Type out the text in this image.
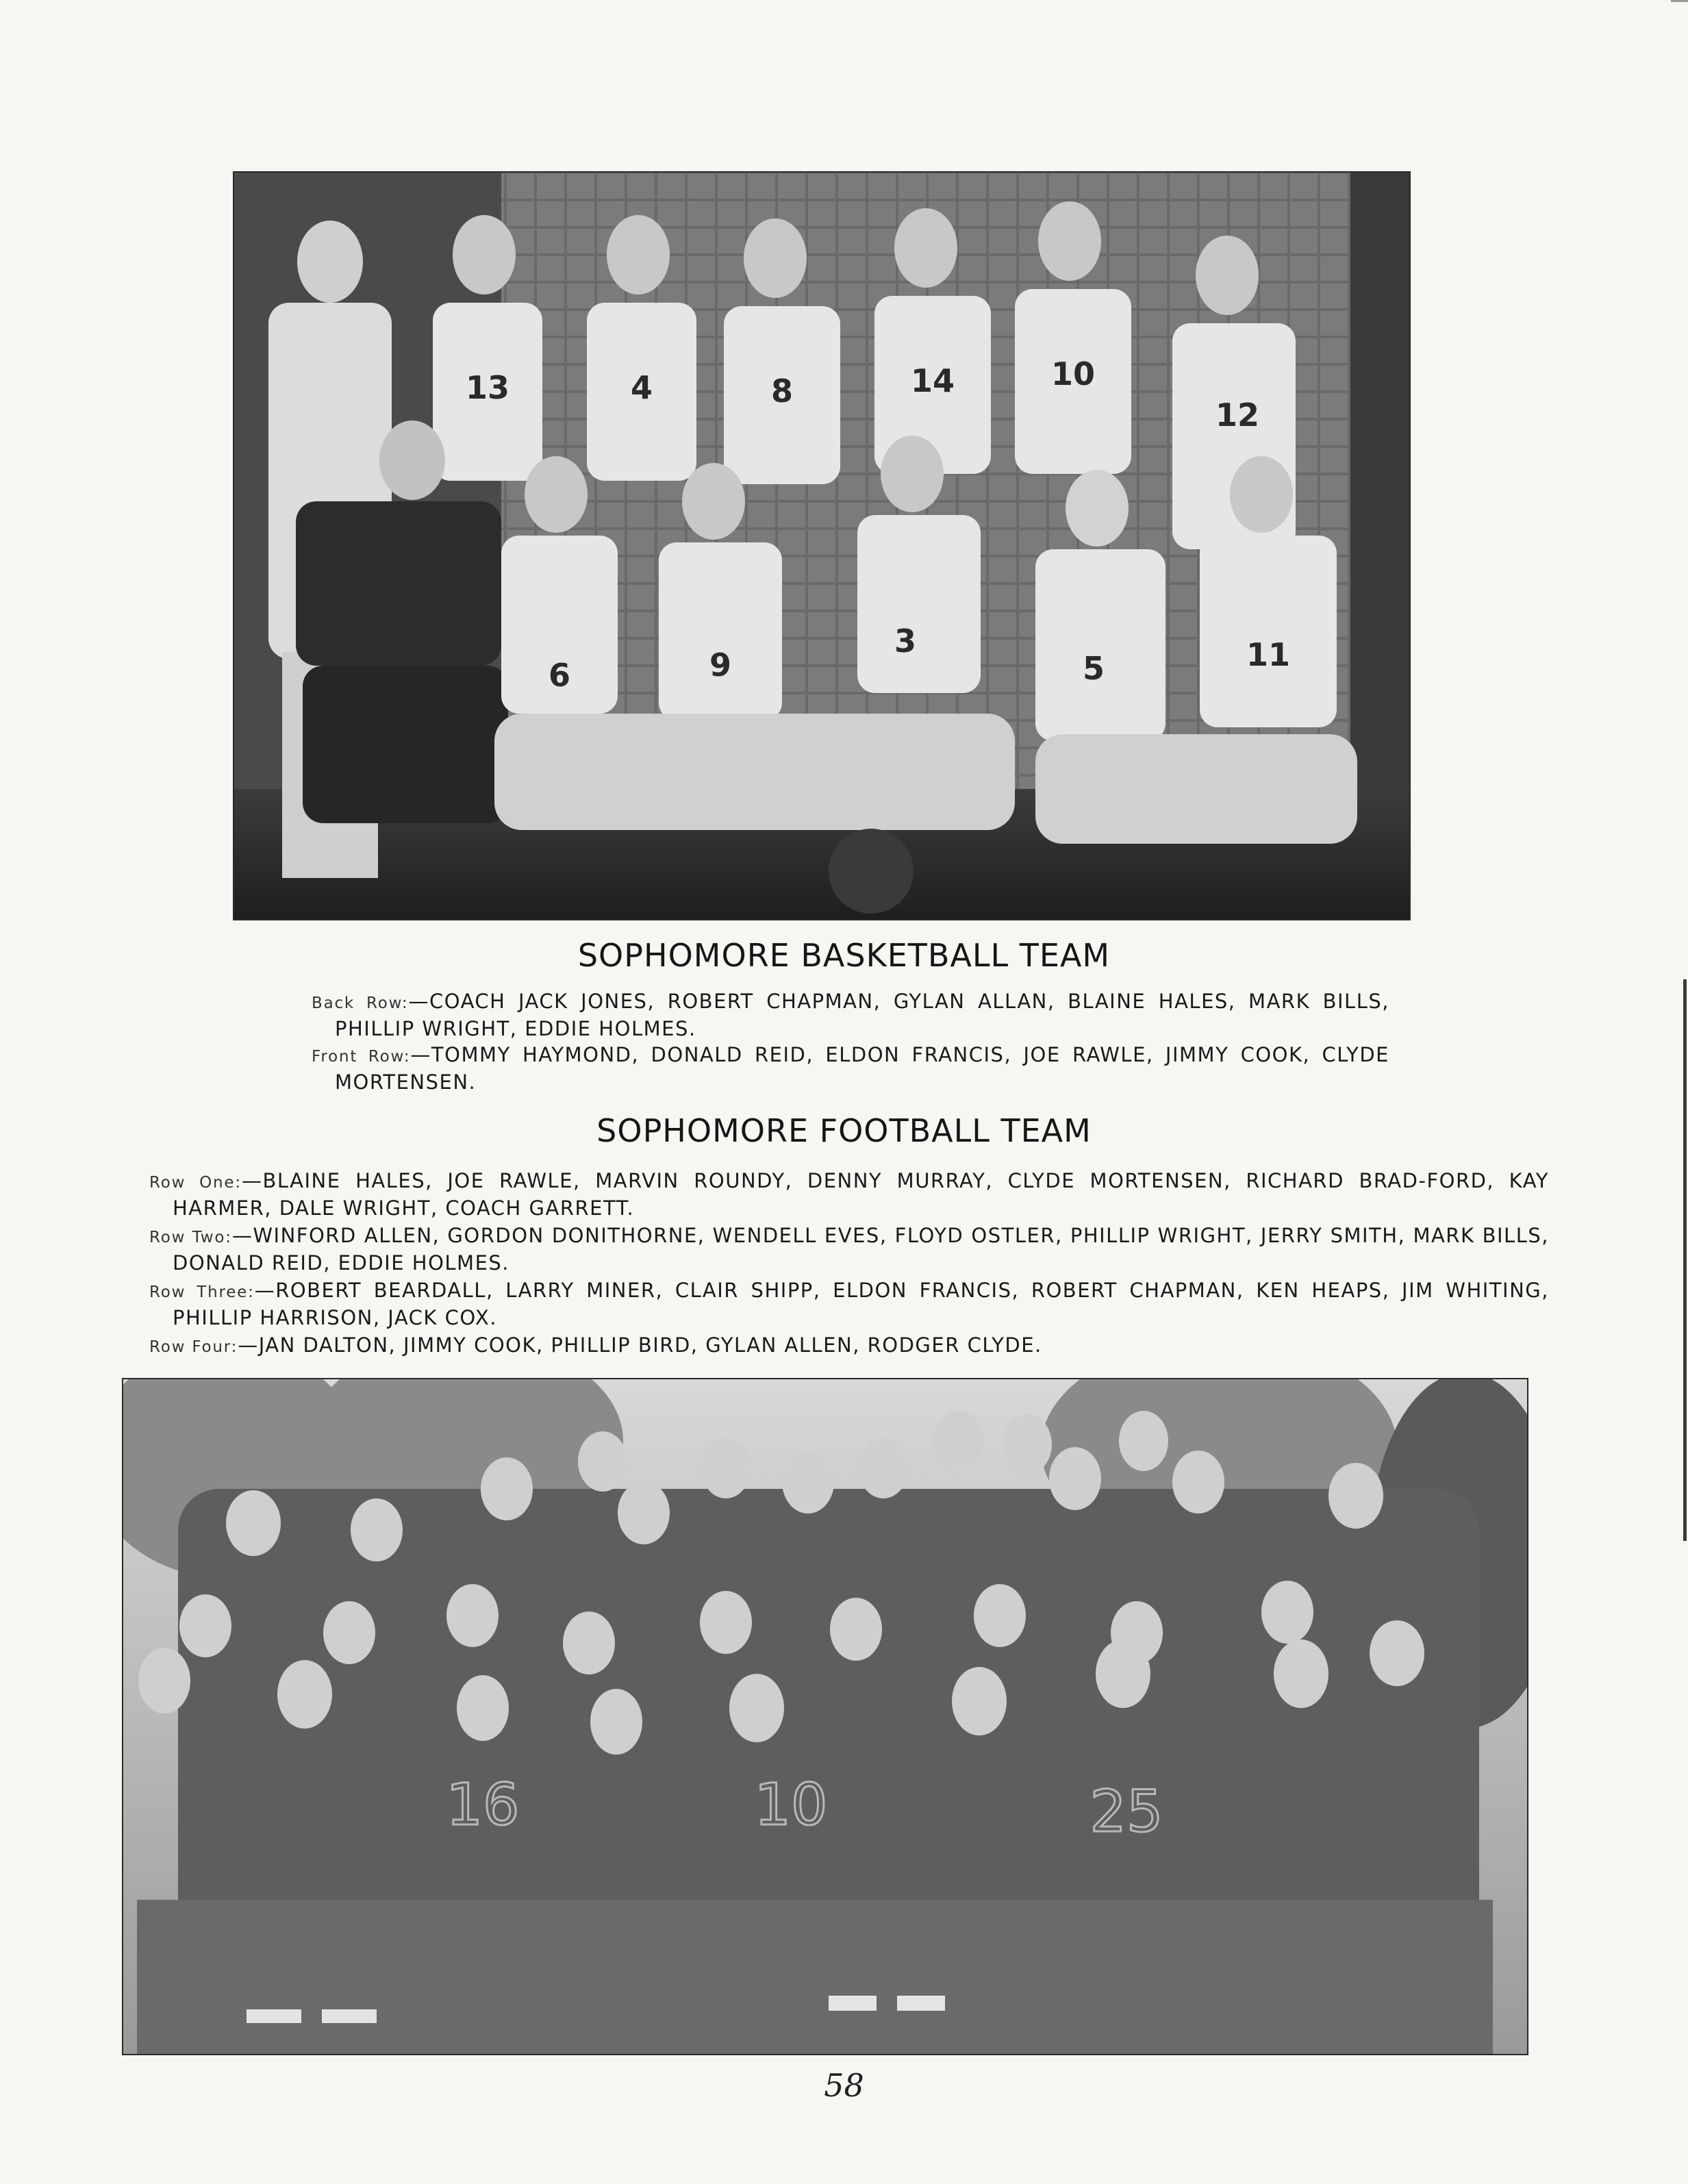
13	4	8	14	10
12
6	9
3
5	11
SOPHOMORE BASKETBALL TEAM
Back Row:—COACH JACK JONES, ROBERT CHAPMAN, GYLAN ALLAN, BLAINE HALES, MARK BILLS, PHILLIP WRIGHT, EDDIE HOLMES.
Front Row:—TOMMY HAYMOND, DONALD REID, ELDON FRANCIS, JOE RAWLE, JIMMY COOK, CLYDE MORTENSEN.
SOPHOMORE FOOTBALL TEAM
Row One:—BLAINE HALES, JOE RAWLE, MARVIN ROUNDY, DENNY MURRAY, CLYDE MORTENSEN, RICHARD BRAD-FORD, KAY HARMER, DALE WRIGHT, COACH GARRETT.
Row Two:—WINFORD ALLEN, GORDON DONITHORNE, WENDELL EVES, FLOYD OSTLER, PHILLIP WRIGHT, JERRY SMITH, MARK BILLS, DONALD REID, EDDIE HOLMES.
Row Three:—ROBERT BEARDALL, LARRY MINER, CLAIR SHIPP, ELDON FRANCIS, ROBERT CHAPMAN, KEN HEAPS, JIM WHITING, PHILLIP HARRISON, JACK COX.
Row Four:—JAN DALTON, JIMMY COOK, PHILLIP BIRD, GYLAN ALLEN, RODGER CLYDE.
16	10	25
58
